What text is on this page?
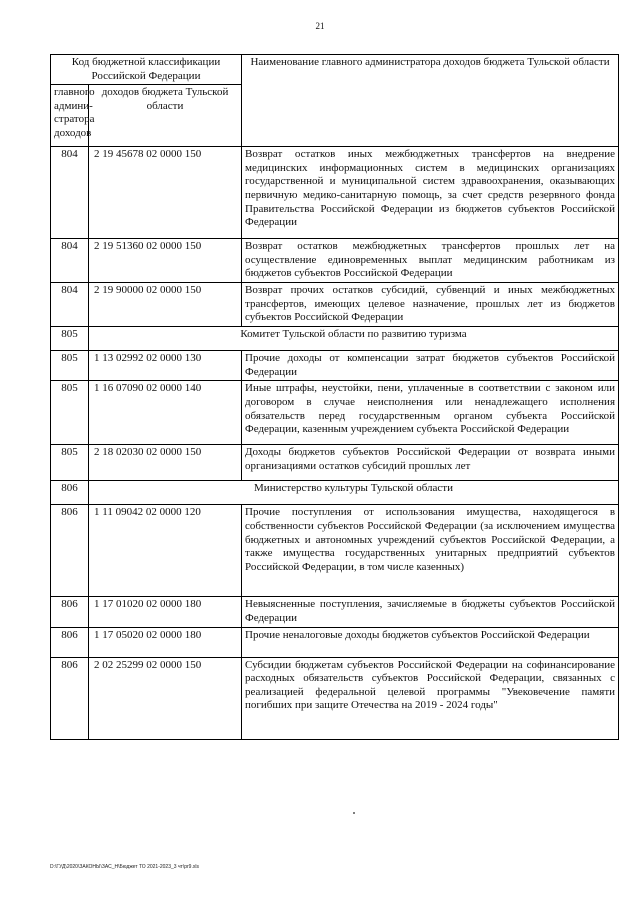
21
Код бюджетной классификации Российской Федерации		Наименование главного администратора доходов бюджета Тульской области
главного админи-стратора доходов	доходов бюджета Тульской области	
804	2 19 45678 02 0000 150	Возврат остатков иных межбюджетных трансфертов на внедрение медицинских информационных систем в медицинских организациях государственной и муниципальной систем здравоохранения, оказывающих первичную медико-санитарную помощь, за счет средств резервного фонда Правительства Российской Федерации из бюджетов субъектов Российской Федерации
804	2 19 51360 02 0000 150	Возврат остатков межбюджетных трансфертов прошлых лет на осуществление единовременных выплат медицинским работникам из бюджетов субъектов Российской Федерации
804	2 19 90000 02 0000 150	Возврат прочих остатков субсидий, субвенций и иных межбюджетных трансфертов, имеющих целевое назначение, прошлых лет из бюджетов субъектов Российской Федерации
805	Комитет Тульской области по развитию туризма	
805	1 13 02992 02 0000 130	Прочие доходы от компенсации затрат бюджетов субъектов Российской Федерации
805	1 16 07090 02 0000 140	Иные штрафы, неустойки, пени, уплаченные в соответствии с законом или договором в случае неисполнения или ненадлежащего исполнения обязательств перед государственным органом субъекта Российской Федерации, казенным учреждением субъекта Российской Федерации
805	2 18 02030 02 0000 150	Доходы бюджетов субъектов Российской Федерации от возврата иными организациями остатков субсидий прошлых лет
806	Министерство культуры Тульской области	
806	1 11 09042 02 0000 120	Прочие поступления от использования имущества, находящегося в собственности субъектов Российской Федерации (за исключением имущества бюджетных и автономных учреждений субъектов Российской Федерации, а также имущества государственных унитарных предприятий субъектов Российской Федерации, в том числе казенных)
806	1 17 01020 02 0000 180	Невыясненные поступления, зачисляемые в бюджеты субъектов Российской Федерации
806	1 17 05020 02 0000 180	Прочие неналоговые доходы бюджетов субъектов Российской Федерации
806	2 02 25299 02 0000 150	Субсидии бюджетам субъектов Российской Федерации на софинансирование расходных обязательств субъектов Российской Федерации, связанных с реализацией федеральной целевой программы "Увековечение памяти погибших при защите Отечества на 2019 - 2024 годы"
D:\ГУД\2020\ЗАКОНЫ\ЗАС_Н\Бюджет ТО 2021-2023_3 чт\pr9.xls
